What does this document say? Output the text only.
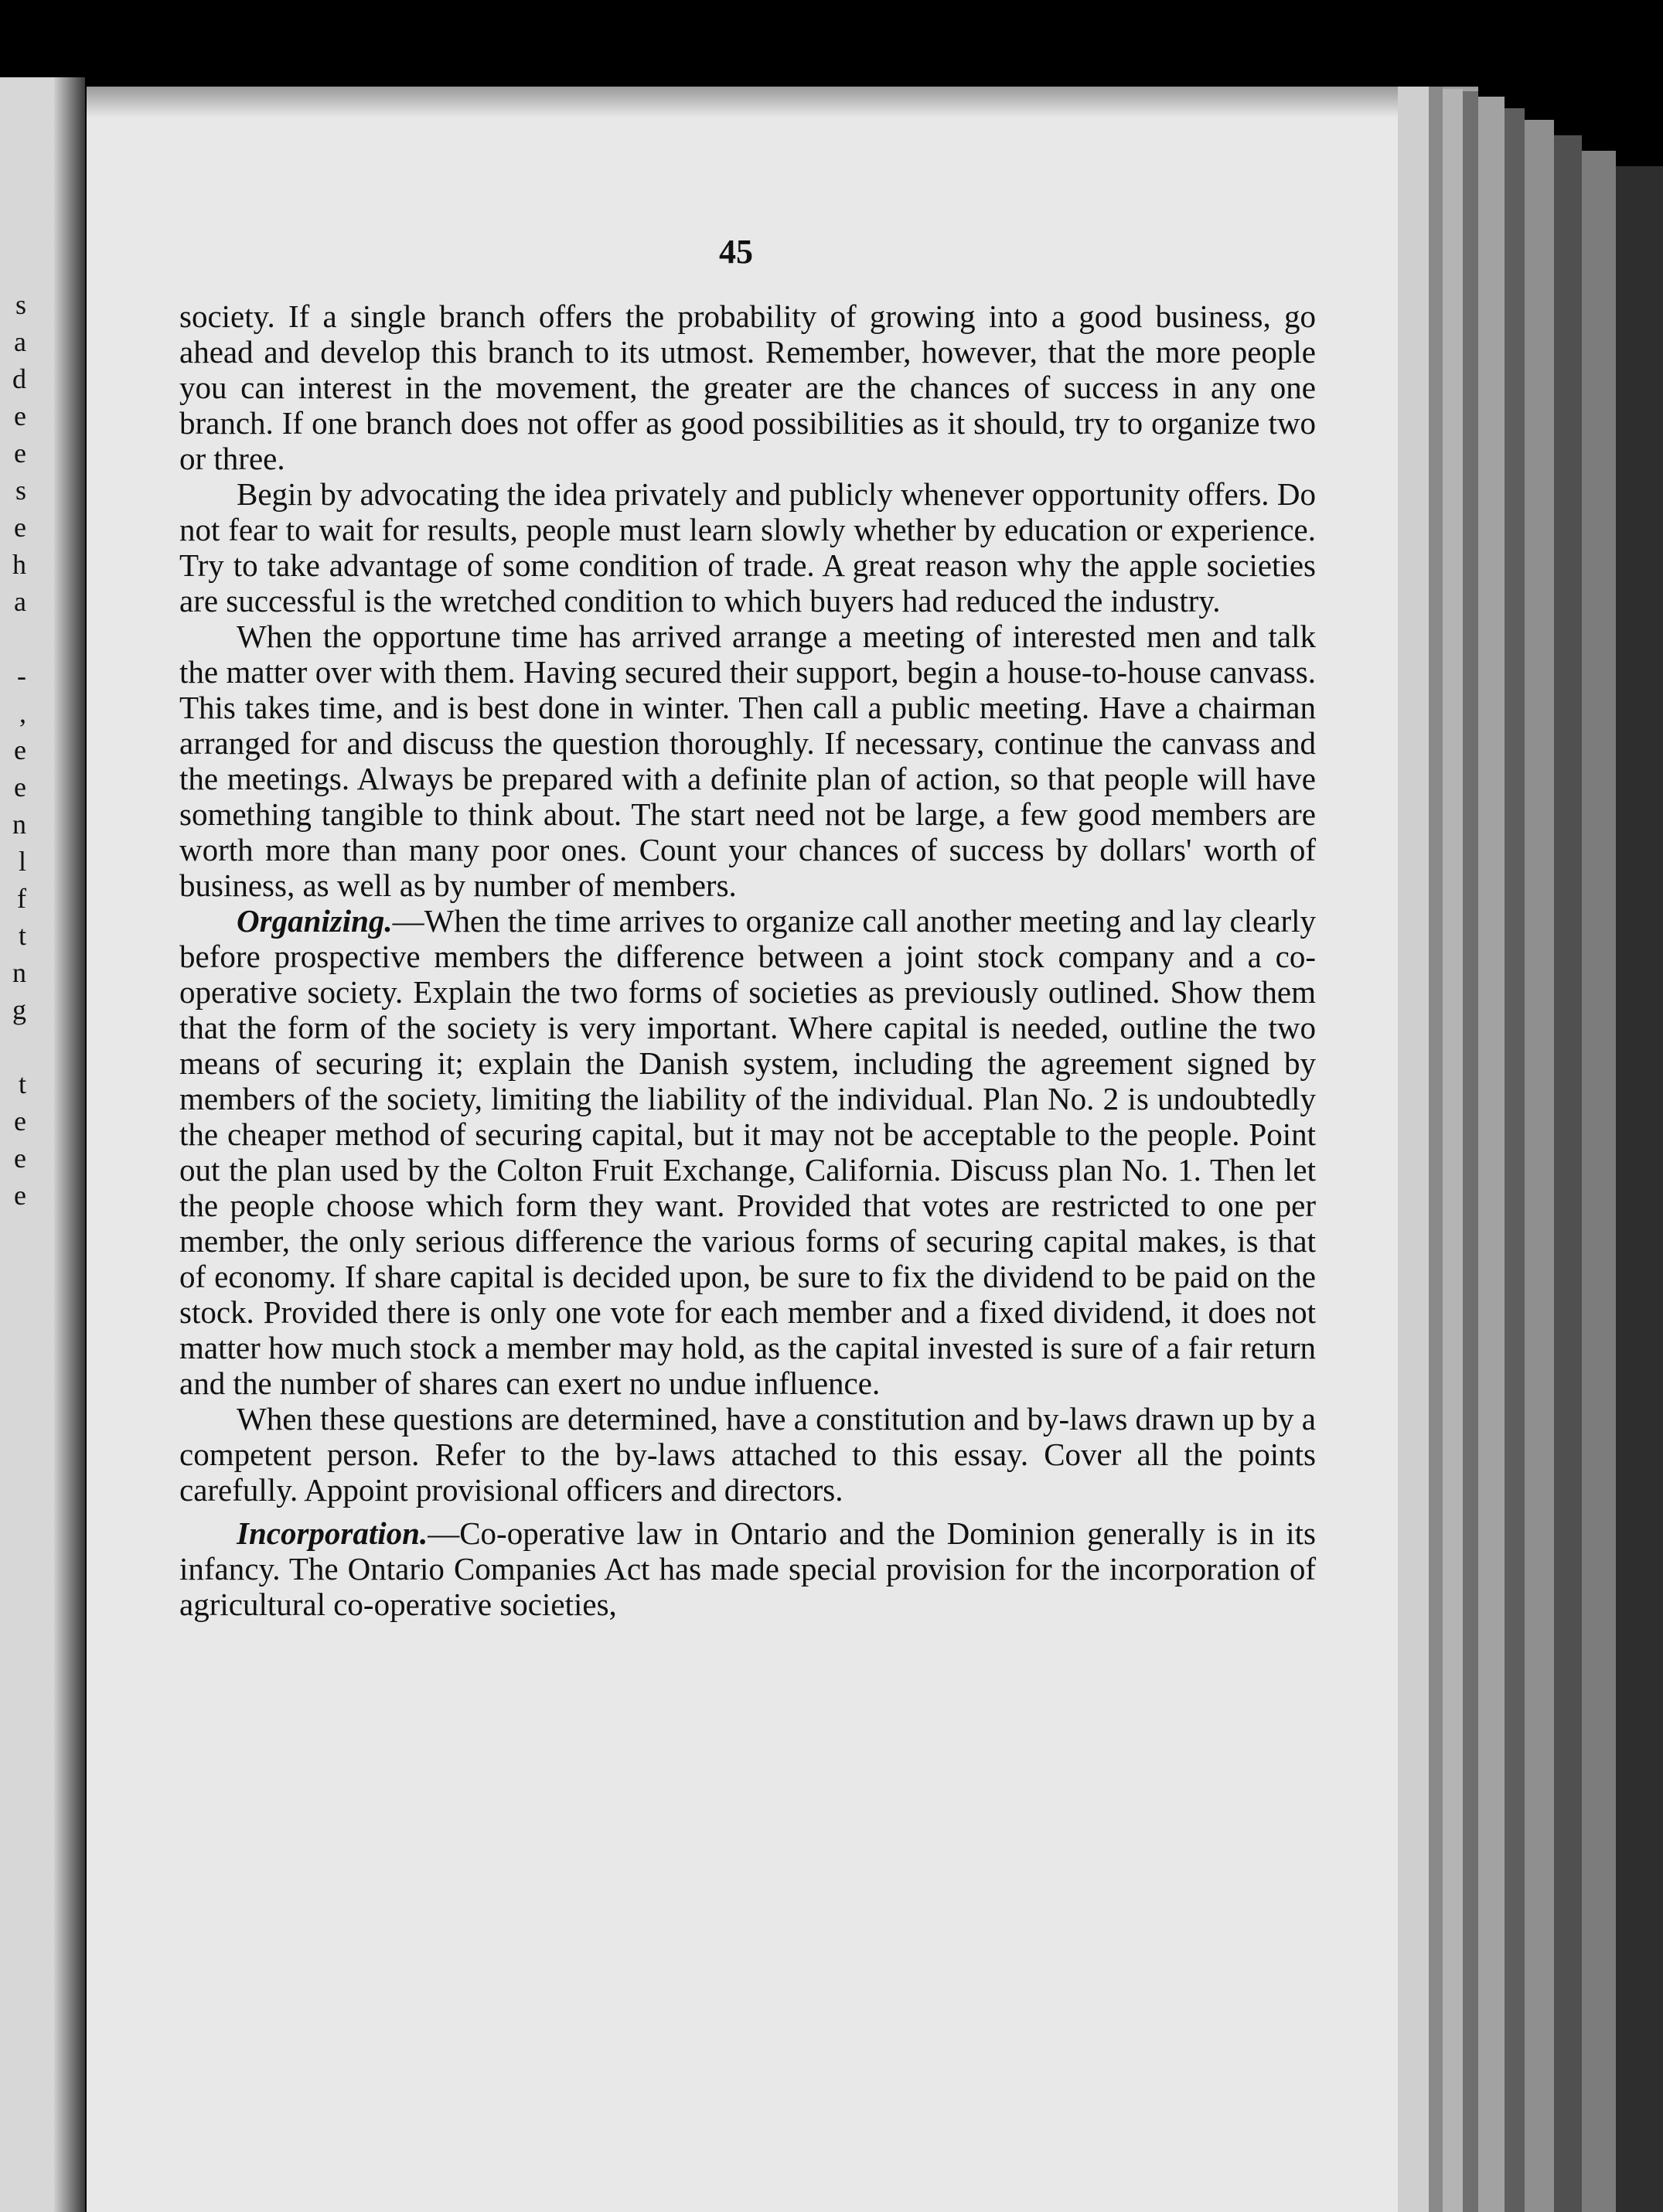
s
a
d
e
e
s
e
h
a
-
,
e
e
n
l
f
t
n
g
t
e
e
e
45

society. If a single branch offers the probability of growing into a good business, go ahead and develop this branch to its utmost. Remember, however, that the more people you can interest in the movement, the greater are the chances of success in any one branch. If one branch does not offer as good possibilities as it should, try to organize two or three.

Begin by advocating the idea privately and publicly whenever opportunity offers. Do not fear to wait for results, people must learn slowly whether by education or experience. Try to take advantage of some condition of trade. A great reason why the apple societies are successful is the wretched condition to which buyers had reduced the industry.

When the opportune time has arrived arrange a meeting of interested men and talk the matter over with them. Having secured their support, begin a house-to-house canvass. This takes time, and is best done in winter. Then call a public meeting. Have a chairman arranged for and discuss the question thoroughly. If necessary, continue the canvass and the meetings. Always be prepared with a definite plan of action, so that people will have something tangible to think about. The start need not be large, a few good members are worth more than many poor ones. Count your chances of success by dollars' worth of business, as well as by number of members.

Organizing.—When the time arrives to organize call another meeting and lay clearly before prospective members the difference between a joint stock company and a co-operative society. Explain the two forms of societies as previously outlined. Show them that the form of the society is very important. Where capital is needed, outline the two means of securing it; explain the Danish system, including the agreement signed by members of the society, limiting the liability of the individual. Plan No. 2 is undoubtedly the cheaper method of securing capital, but it may not be acceptable to the people. Point out the plan used by the Colton Fruit Exchange, California. Discuss plan No. 1. Then let the people choose which form they want. Provided that votes are restricted to one per member, the only serious difference the various forms of securing capital makes, is that of economy. If share capital is decided upon, be sure to fix the dividend to be paid on the stock. Provided there is only one vote for each member and a fixed dividend, it does not matter how much stock a member may hold, as the capital invested is sure of a fair return and the number of shares can exert no undue influence.

When these questions are determined, have a constitution and by-laws drawn up by a competent person. Refer to the by-laws attached to this essay. Cover all the points carefully. Appoint provisional officers and directors.

Incorporation.—Co-operative law in Ontario and the Dominion generally is in its infancy. The Ontario Companies Act has made special provision for the incorporation of agricultural co-operative societies,
